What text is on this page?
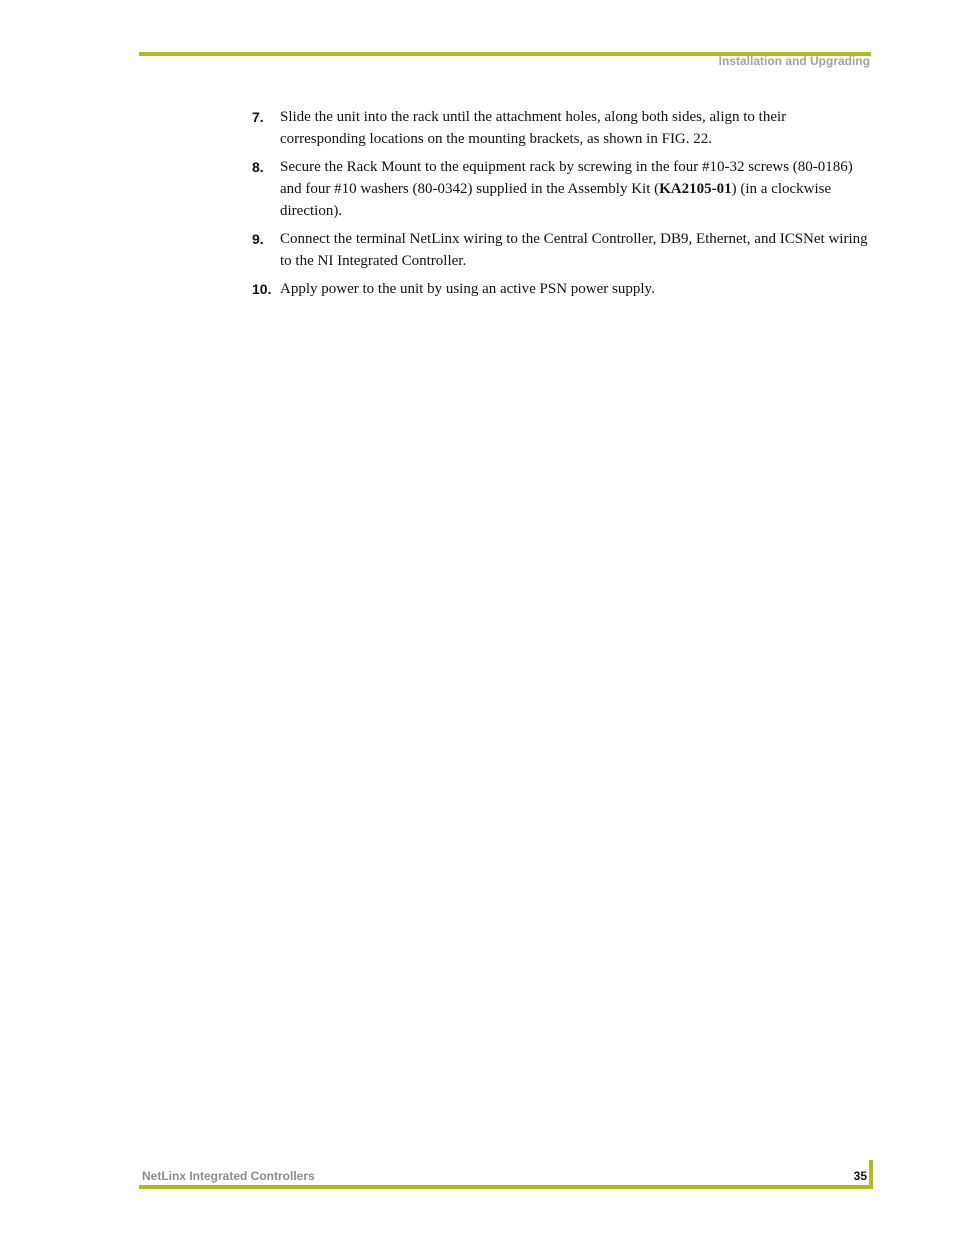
Installation and Upgrading
7. Slide the unit into the rack until the attachment holes, along both sides, align to their corresponding locations on the mounting brackets, as shown in FIG. 22.
8. Secure the Rack Mount to the equipment rack by screwing in the four #10-32 screws (80-0186) and four #10 washers (80-0342) supplied in the Assembly Kit (KA2105-01) (in a clockwise direction).
9. Connect the terminal NetLinx wiring to the Central Controller, DB9, Ethernet, and ICSNet wiring to the NI Integrated Controller.
10. Apply power to the unit by using an active PSN power supply.
NetLinx Integrated Controllers	35
